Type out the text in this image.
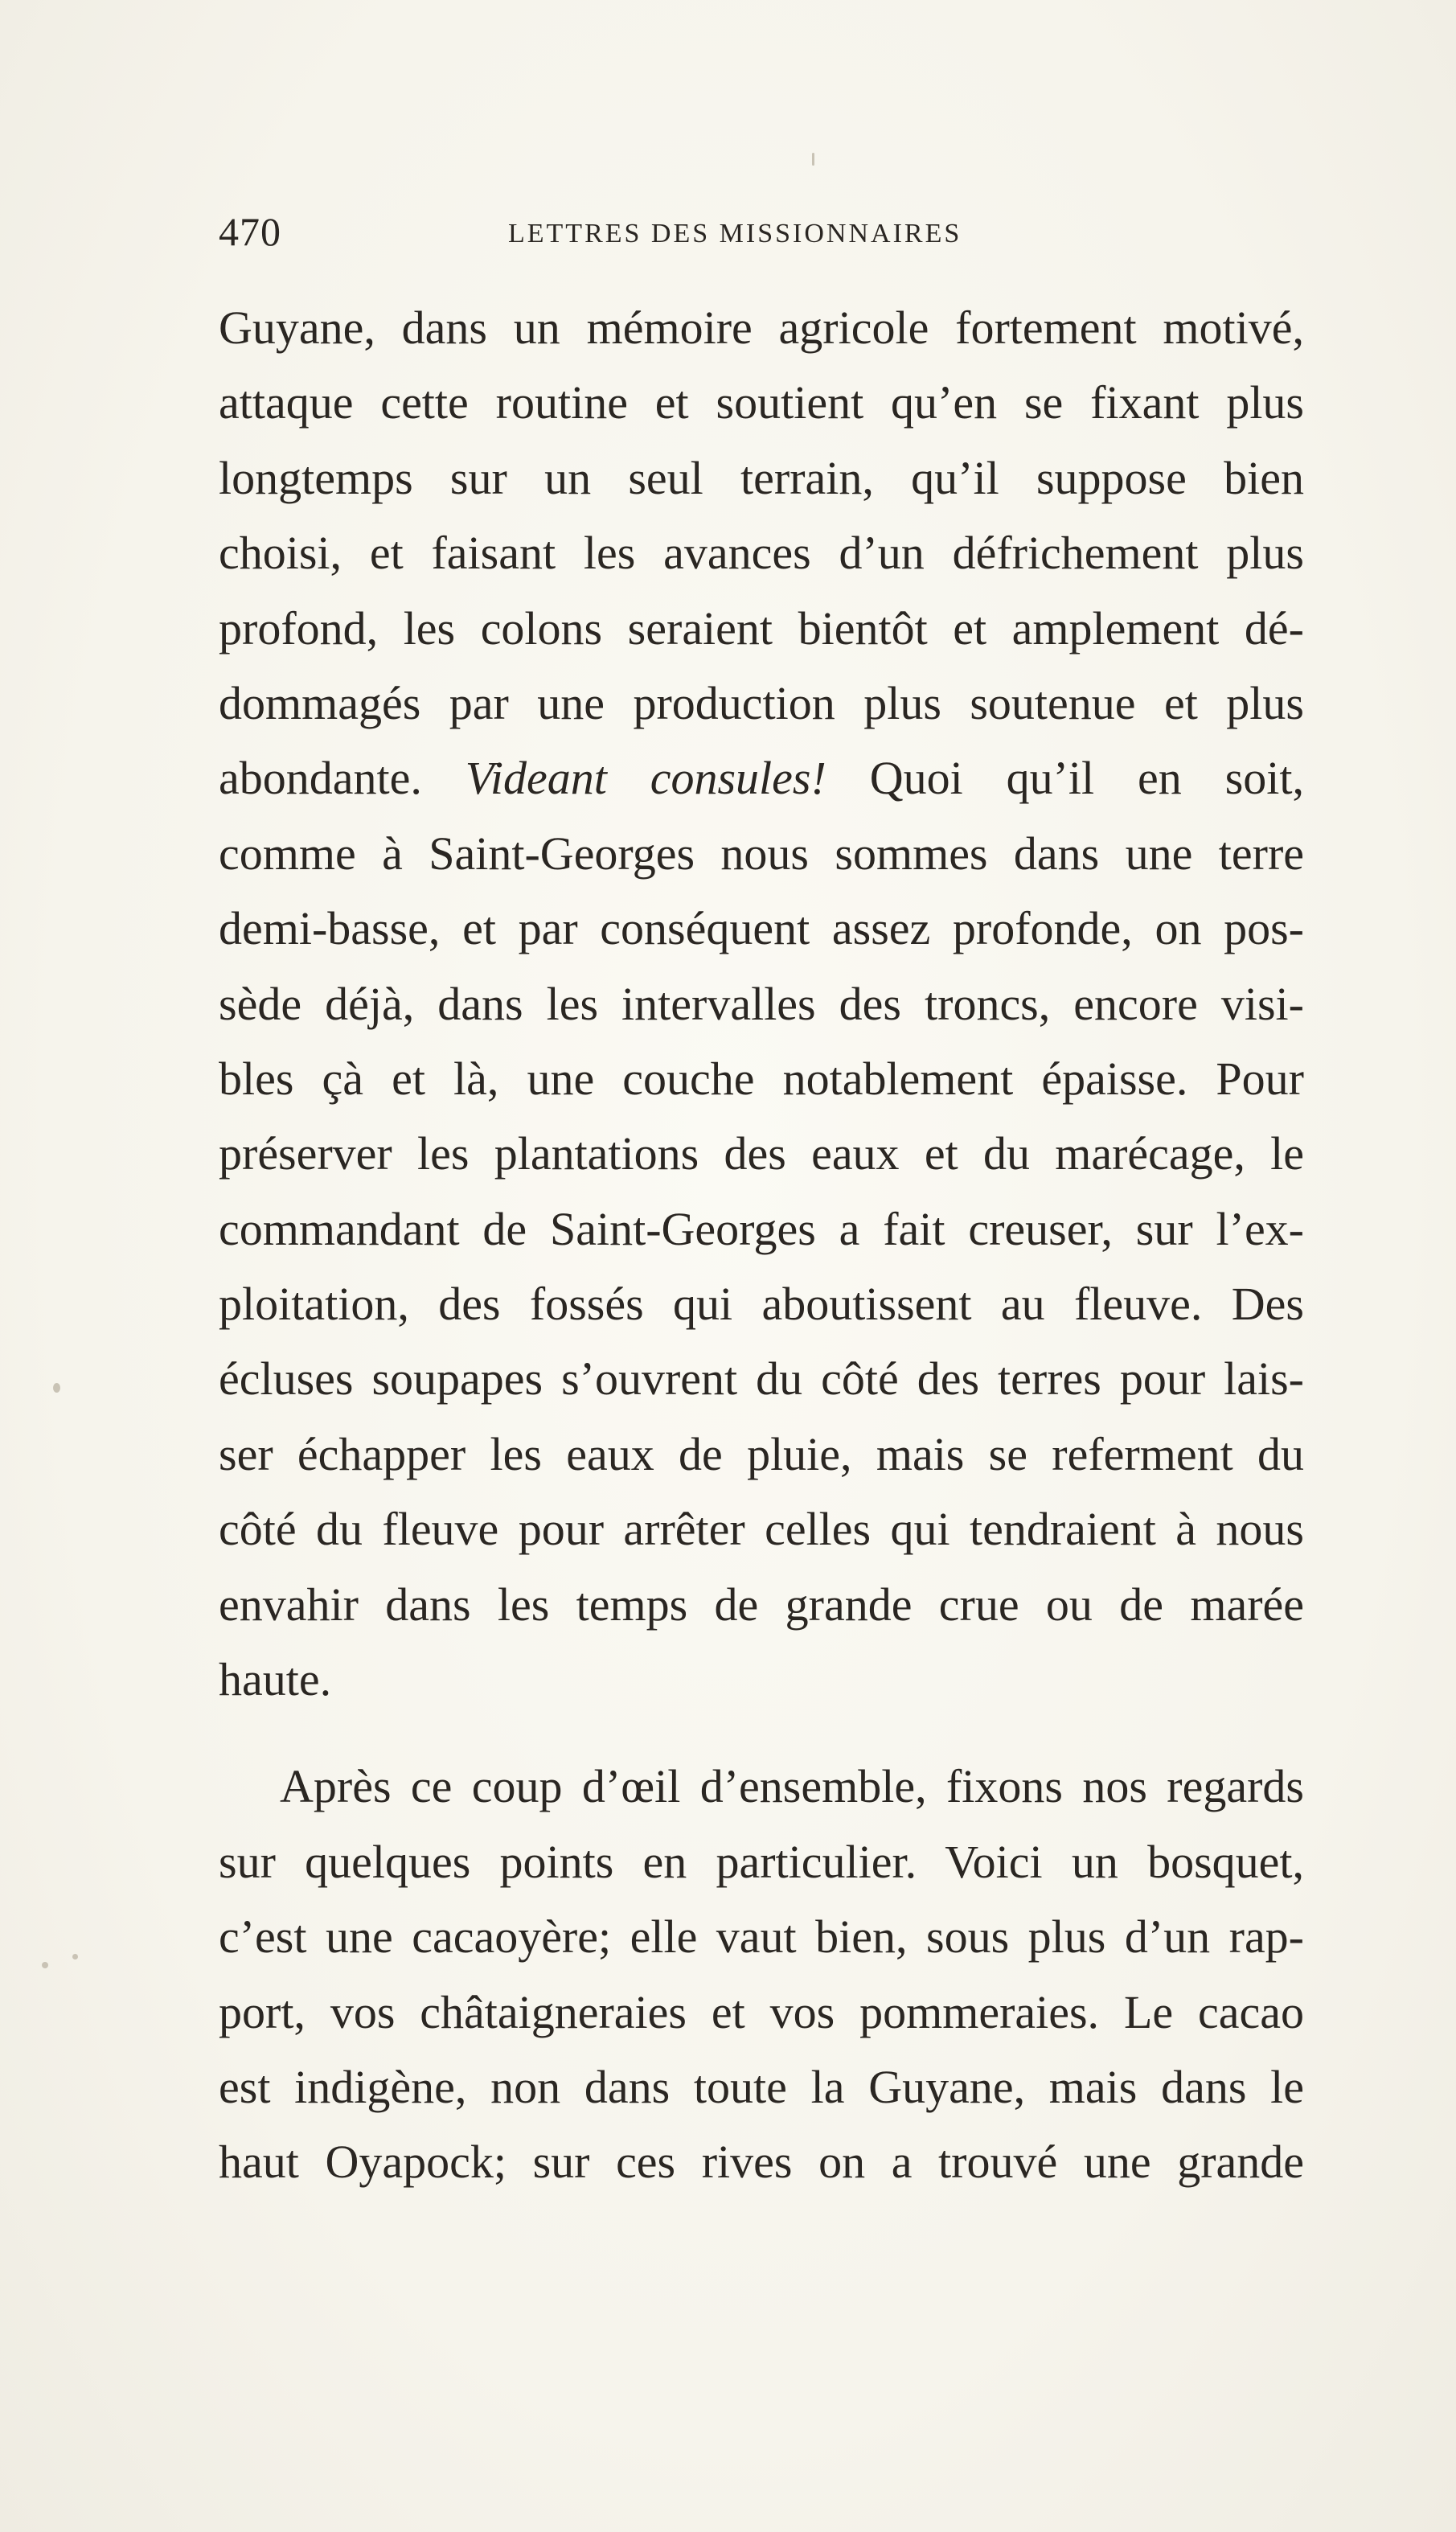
470	LETTRES DES MISSIONNAIRES
Guyane, dans un mémoire agricole fortement motivé,
attaque cette routine et soutient qu’en se fixant plus
longtemps sur un seul terrain, qu’il suppose bien
choisi, et faisant les avances d’un défrichement plus
profond, les colons seraient bientôt et amplement dé-
dommagés par une production plus soutenue et plus
abondante. Videant consules! Quoi qu’il en soit,
comme à Saint-Georges nous sommes dans une terre
demi-basse, et par conséquent assez profonde, on pos-
sède déjà, dans les intervalles des troncs, encore visi-
bles çà et là, une couche notablement épaisse. Pour
préserver les plantations des eaux et du marécage, le
commandant de Saint-Georges a fait creuser, sur l’ex-
ploitation, des fossés qui aboutissent au fleuve. Des
écluses soupapes s’ouvrent du côté des terres pour lais-
ser échapper les eaux de pluie, mais se referment du
côté du fleuve pour arrêter celles qui tendraient à nous
envahir dans les temps de grande crue ou de marée
haute.
Après ce coup d’œil d’ensemble, fixons nos regards
sur quelques points en particulier. Voici un bosquet,
c’est une cacaoyère; elle vaut bien, sous plus d’un rap-
port, vos châtaigneraies et vos pommeraies. Le cacao
est indigène, non dans toute la Guyane, mais dans le
haut Oyapock; sur ces rives on a trouvé une grande
